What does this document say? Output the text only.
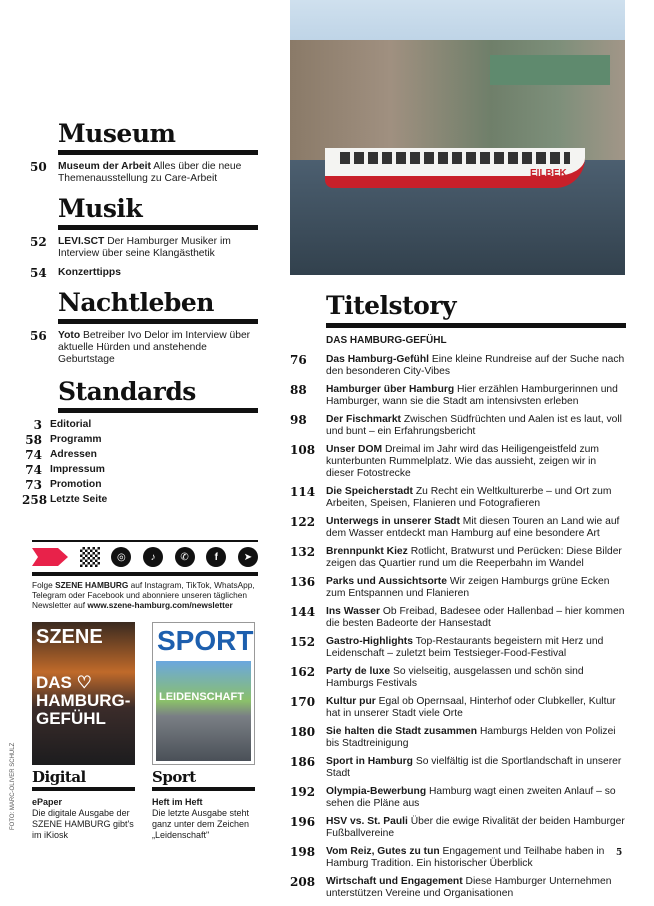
EILBEK
Museum
50 Museum der Arbeit Alles über die neue Themenausstellung zu Care-Arbeit
Musik
52 LEVI.SCT Der Hamburger Musiker im Interview über seine Klangästhetik
54 Konzerttipps
Nachtleben
56 Yoto Betreiber Ivo Delor im Interview über aktuelle Hürden und anstehende Geburtstage
Standards
3 Editorial
58 Programm
74 Adressen
74 Impressum
73 Promotion
258 Letzte Seite
◎	♪	✆	f	➤
Folge SZENE HAMBURG auf Instagram, TikTok, WhatsApp, Telegram oder Facebook und abonniere unseren täglichen Newsletter auf www.szene-hamburg.com/newsletter
SZENE
DAS ♡ HAMBURG-GEFÜHL
SPORT
LEIDENSCHAFT
Digital
ePaper
Die digitale Ausgabe der SZENE HAMBURG gibt's im iKiosk
Sport
Heft im Heft
Die letzte Ausgabe steht ganz unter dem Zeichen „Leidenschaft"
FOTO: MARC-OLIVER SCHULZ
Titelstory
DAS HAMBURG-GEFÜHL
76 Das Hamburg-Gefühl Eine kleine Rundreise auf der Suche nach den besonderen City-Vibes
88 Hamburger über Hamburg Hier erzählen Hamburgerinnen und Hamburger, wann sie die Stadt am intensivsten erleben
98 Der Fischmarkt Zwischen Südfrüchten und Aalen ist es laut, voll und bunt – ein Erfahrungsbericht
108 Unser DOM Dreimal im Jahr wird das Heiligengeistfeld zum kunterbunten Rummelplatz. Wie das aussieht, zeigen wir in dieser Fotostrecke
114 Die Speicherstadt Zu Recht ein Weltkulturerbe – und Ort zum Arbeiten, Speisen, Flanieren und Fotografieren
122 Unterwegs in unserer Stadt Mit diesen Touren an Land wie auf dem Wasser entdeckt man Hamburg auf eine besondere Art
132 Brennpunkt Kiez Rotlicht, Bratwurst und Perücken: Diese Bilder zeigen das Quartier rund um die Reeperbahn im Wandel
136 Parks und Aussichtsorte Wir zeigen Hamburgs grüne Ecken zum Entspannen und Flanieren
144 Ins Wasser Ob Freibad, Badesee oder Hallenbad – hier kommen die besten Badeorte der Hansestadt
152 Gastro-Highlights Top-Restaurants begeistern mit Herz und Leidenschaft – zuletzt beim Testsieger-Food-Festival
162 Party de luxe So vielseitig, ausgelassen und schön sind Hamburgs Festivals
170 Kultur pur Egal ob Opernsaal, Hinterhof oder Clubkeller, Kultur hat in unserer Stadt viele Orte
180 Sie halten die Stadt zusammen Hamburgs Helden von Polizei bis Stadtreinigung
186 Sport in Hamburg So vielfältig ist die Sportlandschaft in unserer Stadt
192 Olympia-Bewerbung Hamburg wagt einen zweiten Anlauf – so sehen die Pläne aus
196 HSV vs. St. Pauli Über die ewige Rivalität der beiden Hamburger Fußballvereine
198 Vom Reiz, Gutes zu tun Engagement und Teilhabe haben in Hamburg Tradition. Ein historischer Überblick
208 Wirtschaft und Engagement Diese Hamburger Unternehmen unterstützen Vereine und Organisationen
5
